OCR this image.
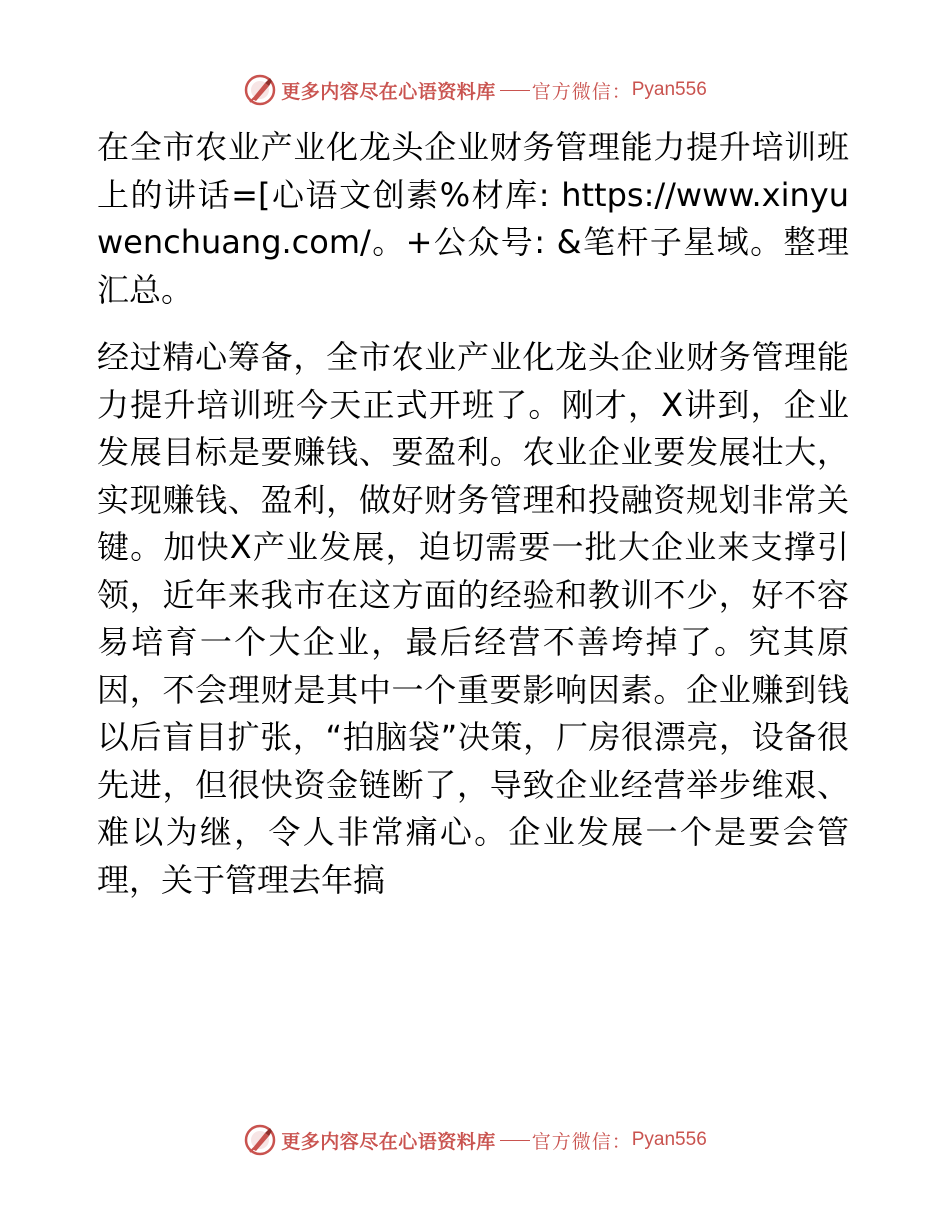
更多内容尽在心语资料库 官方微信： Pyan556

在全市农业产业化龙头企业财务管理能力提升培训班上的讲话=[心语文创素%材库: https://www.xinyuwenchuang.com/。+公众号: &笔杆子星域。整理汇总。

经过精心筹备，全市农业产业化龙头企业财务管理能力提升培训班今天正式开班了。刚才，X讲到，企业发展目标是要赚钱、要盈利。农业企业要发展壮大，实现赚钱、盈利，做好财务管理和投融资规划非常关键。加快X产业发展，迫切需要一批大企业来支撑引领，近年来我市在这方面的经验和教训不少，好不容易培育一个大企业，最后经营不善垮掉了。究其原因，不会理财是其中一个重要影响因素。企业赚到钱以后盲目扩张，“拍脑袋”决策，厂房很漂亮，设备很先进，但很快资金链断了，导致企业经营举步维艰、难以为继，令人非常痛心。企业发展一个是要会管理，关于管理去年搞

更多内容尽在心语资料库 官方微信： Pyan556
